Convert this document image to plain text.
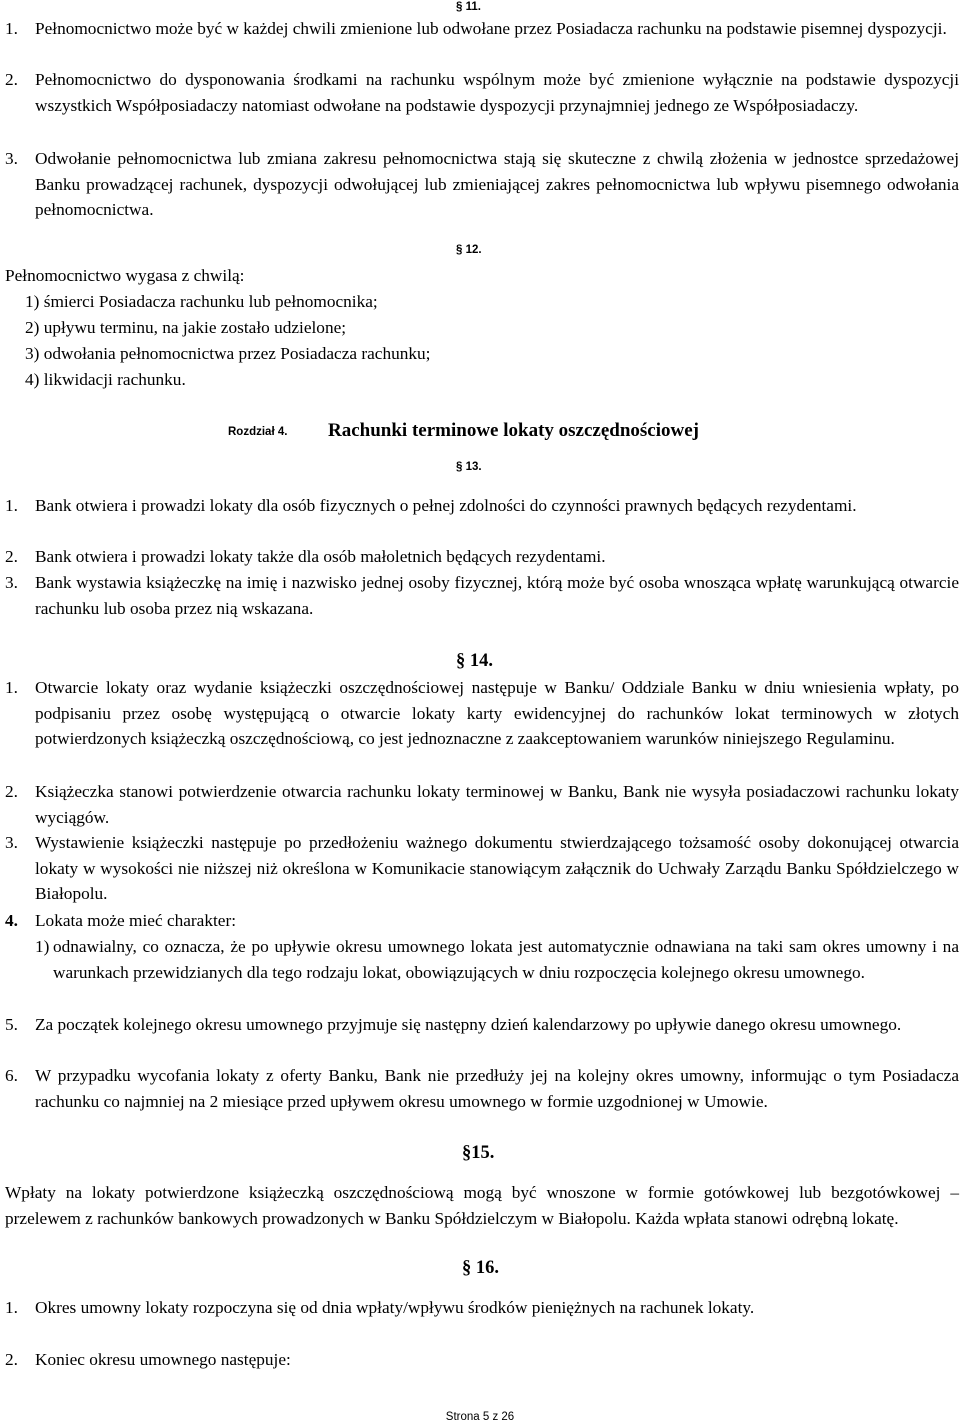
§ 11.
1. Pełnomocnictwo może być w każdej chwili zmienione lub odwołane przez Posiadacza rachunku na podstawie pisemnej dyspozycji.
2. Pełnomocnictwo do dysponowania środkami na rachunku wspólnym może być zmienione wyłącznie na podstawie dyspozycji wszystkich Współposiadaczy natomiast odwołane na podstawie dyspozycji przynajmniej jednego ze Współposiadaczy.
3. Odwołanie pełnomocnictwa lub zmiana zakresu pełnomocnictwa stają się skuteczne z chwilą złożenia w jednostce sprzedażowej Banku prowadzącej rachunek, dyspozycji odwołującej lub zmieniającej zakres pełnomocnictwa lub wpływu pisemnego odwołania pełnomocnictwa.
§ 12.
Pełnomocnictwo wygasa z chwilą:
1) śmierci Posiadacza rachunku lub pełnomocnika;
2) upływu terminu, na jakie zostało udzielone;
3) odwołania pełnomocnictwa przez Posiadacza rachunku;
4) likwidacji rachunku.
Rozdział 4. Rachunki terminowe lokaty oszczędnościowej
§ 13.
1. Bank otwiera i prowadzi lokaty dla osób fizycznych o pełnej zdolności do czynności prawnych będących rezydentami.
2. Bank otwiera i prowadzi lokaty także dla osób małoletnich będących rezydentami.
3. Bank wystawia książeczkę na imię i nazwisko jednej osoby fizycznej, którą może być osoba wnosząca wpłatę warunkującą otwarcie rachunku lub osoba przez nią wskazana.
§ 14.
1. Otwarcie lokaty oraz wydanie książeczki oszczędnościowej następuje w Banku/ Oddziale Banku w dniu wniesienia wpłaty, po podpisaniu przez osobę występującą o otwarcie lokaty karty ewidencyjnej do rachunków lokat terminowych w złotych potwierdzonych książeczką oszczędnościową, co jest jednoznaczne z zaakceptowaniem warunków niniejszego Regulaminu.
2. Książeczka stanowi potwierdzenie otwarcia rachunku lokaty terminowej w Banku, Bank nie wysyła posiadaczowi rachunku lokaty wyciągów.
3. Wystawienie książeczki następuje po przedłożeniu ważnego dokumentu stwierdzającego tożsamość osoby dokonującej otwarcia lokaty w wysokości nie niższej niż określona w Komunikacie stanowiącym załącznik do Uchwały Zarządu Banku Spółdzielczego w Białopolu.
4. Lokata może mieć charakter:
1) odnawialny, co oznacza, że po upływie okresu umownego lokata jest automatycznie odnawiana na taki sam okres umowny i na warunkach przewidzianych dla tego rodzaju lokat, obowiązujących w dniu rozpoczęcia kolejnego okresu umownego.
5. Za początek kolejnego okresu umownego przyjmuje się następny dzień kalendarzowy po upływie danego okresu umownego.
6. W przypadku wycofania lokaty z oferty Banku, Bank nie przedłuży jej na kolejny okres umowny, informując o tym Posiadacza rachunku co najmniej na 2 miesiące przed upływem okresu umownego w formie uzgodnionej w Umowie.
§15.
Wpłaty na lokaty potwierdzone książeczką oszczędnościową mogą być wnoszone w formie gotówkowej lub bezgotówkowej – przelewem z rachunków bankowych prowadzonych w Banku Spółdzielczym w Białopolu. Każda wpłata stanowi odrębną lokatę.
§ 16.
1. Okres umowny lokaty rozpoczyna się od dnia wpłaty/wpływu środków pieniężnych na rachunek lokaty.
2. Koniec okresu umownego następuje:
Strona 5 z 26
